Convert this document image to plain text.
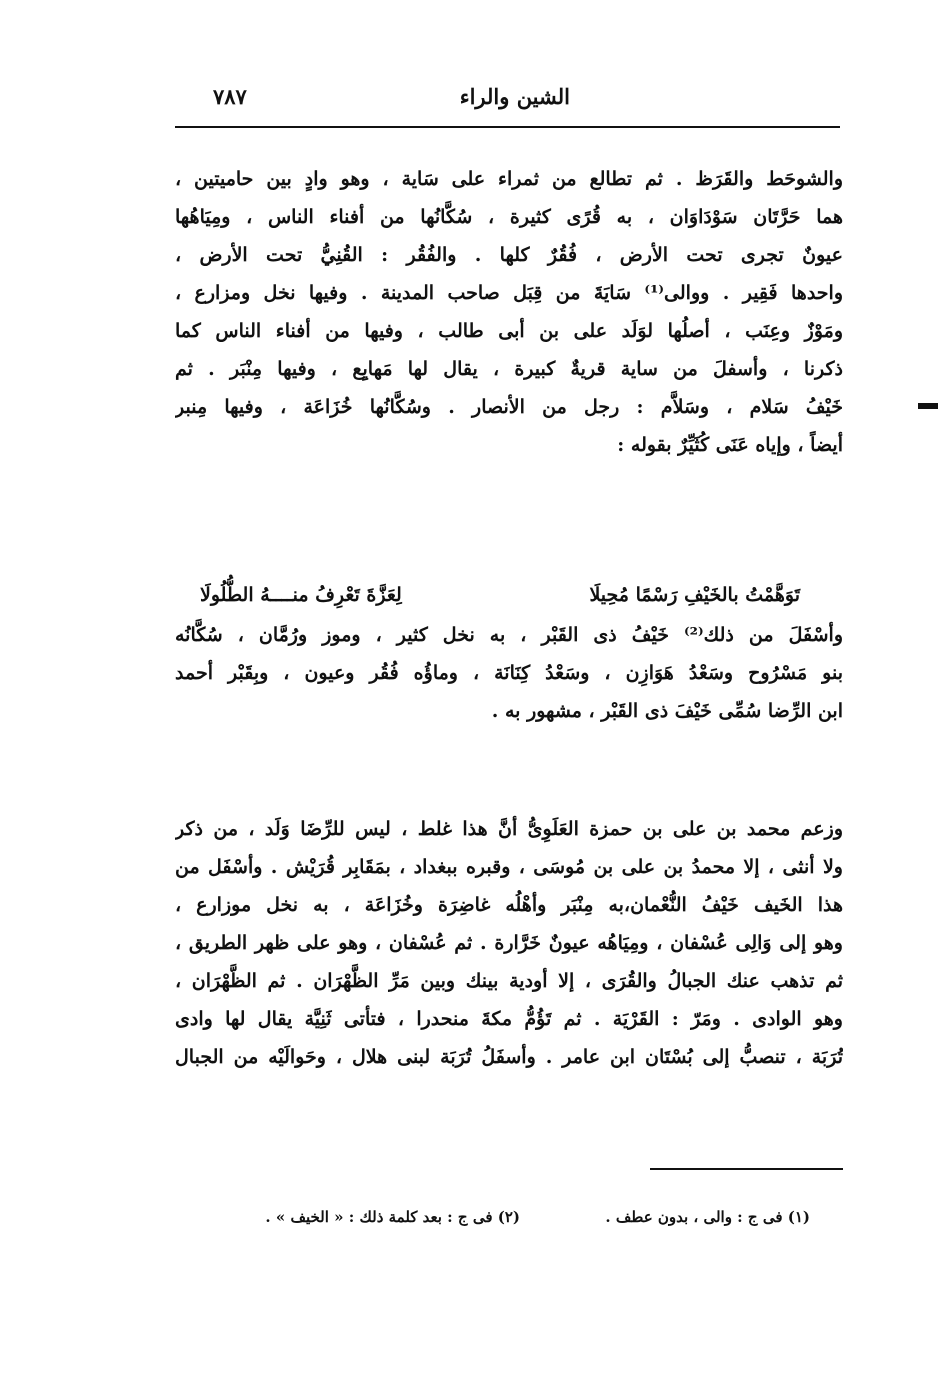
الشين والراء
٧٨٧
والشوحَط والقَرَظ . ثم تطالع من ثمراء على سَاية ، وهو وادٍ بين حاميتين ،
هما حَرَّتَان سَوْدَاوَان ، به قُرًى كثيرة ، سُكَّانُها من أفناء الناس ، ومِيَاهُها
عيونٌ تجرى تحت الأرض ، فُقُرٌ كلها . والفُقُر : القُنِيُّ تحت الأرض ،
واحدها فَقِير . ووالى⁽¹⁾ سَايَةَ من قِبَل صاحب المدينة . وفيها نخل ومزارع ،
ومَوْزٌ وعِنَب ، أصلُها لوَلَد على بن أبى طالب ، وفيها من أفناء الناس كما
ذكرنا ، وأسفلَ من ساية قريةٌ كبيرة ، يقال لها مَهايِع ، وفيها مِنْبَر . ثم
خَيْفُ سَلام ، وسَلاَّم : رجل من الأنصار . وسُكَّانُها خُزَاعَة ، وفيها مِنبر
أيضاً ، وإياه عَنَى كُثَيِّرٌ بقوله :
تَوَهَّمْتُ بالخَيْفِ رَسْمًا مُحِيلَا
لِعَزَّةَ تَعْرِفُ منــــهُ الطُّلُولَا
وأسْفَلَ من ذلك⁽²⁾ خَيْفُ ذى القَبْر ، به نخل كثير ، وموز ورُمَّان ، سُكَّانُه
بنو مَسْرُوح وسَعْدُ هَوَازِن ، وسَعْدُ كِنَانَة ، وماؤُه فُقُر وعيون ، وبِقَبْر أحمد
ابن الرِّضا سُمِّى خَيْفَ ذى القَبْر ، مشهور به .
وزعم محمد بن على بن حمزة العَلَوِىُّ أنَّ هذا غلط ، ليس للرِّضَا وَلَد ، من ذكر
ولا أنثى ، إلا محمدُ بن على بن مُوسَى ، وقبره ببغداد ، بمَقَابِر قُرَيْش . وأسْفَل من
هذا الخَيف خَيْفُ النُّعْمان،به مِنْبَر وأهْلُه غاضِرَة وخُزَاعَة ، به نخل موزارع ،
وهو إلى وَالِى عُسْفان ، ومِيَاهُه عيونٌ خَرَّارة . ثم عُسْفان ، وهو على ظهر الطريق ،
ثم تذهب عنك الجبالُ والقُرَى ، إلا أودية بينك وبين مَرِّ الظَّهْرَان . ثم الظَّهْرَان ،
وهو الوادى . ومَرّ : القَرْيَة . ثم تَؤُمُّ مكةَ منحدرا ، فتأتى ثَنِيَّة يقال لها وادى
تُرَبَة ، تنصبُّ إلى بُسْتَان ابن عامر . وأسفَلُ تُرَبَة لبنى هلال ، وحَوالَيْه من الجبال
(١) فى ج : والى ، بدون عطف .
(٢) فى ج : بعد كلمة ذلك : « الخيف » .
